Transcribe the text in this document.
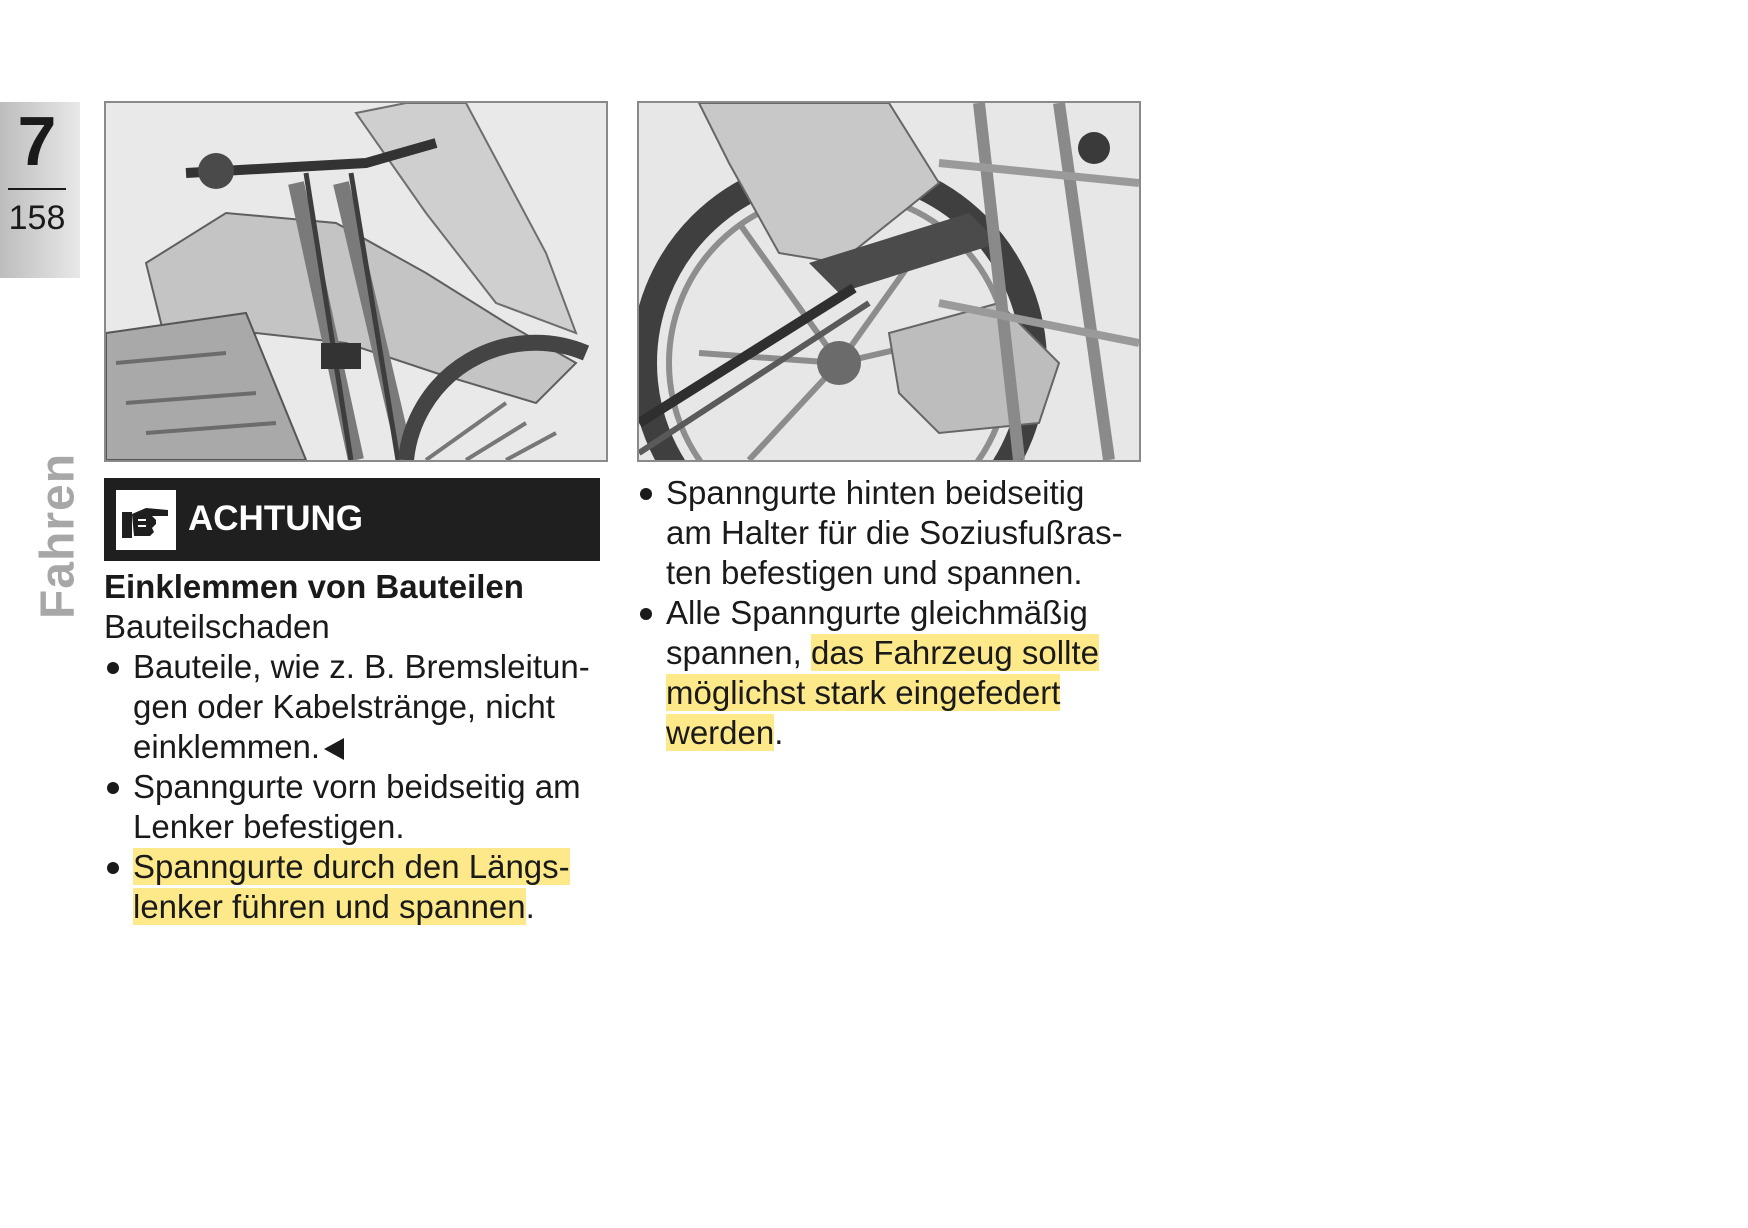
7
158
Fahren	ACHTUNG

Einklemmen von Bauteilen

Bauteilschaden

Bauteile, wie z. B. Bremsleitun-
gen oder Kabelstränge, nicht
einklemmen.
Spanngurte vorn beidseitig am
Lenker befestigen.
Spanngurte durch den Längs-
lenker führen und spannen.
Spanngurte hinten beidseitig
am Halter für die Soziusfußras-
ten befestigen und spannen.
Alle Spanngurte gleichmäßig
spannen, das Fahrzeug sollte
möglichst stark eingefedert
werden.
